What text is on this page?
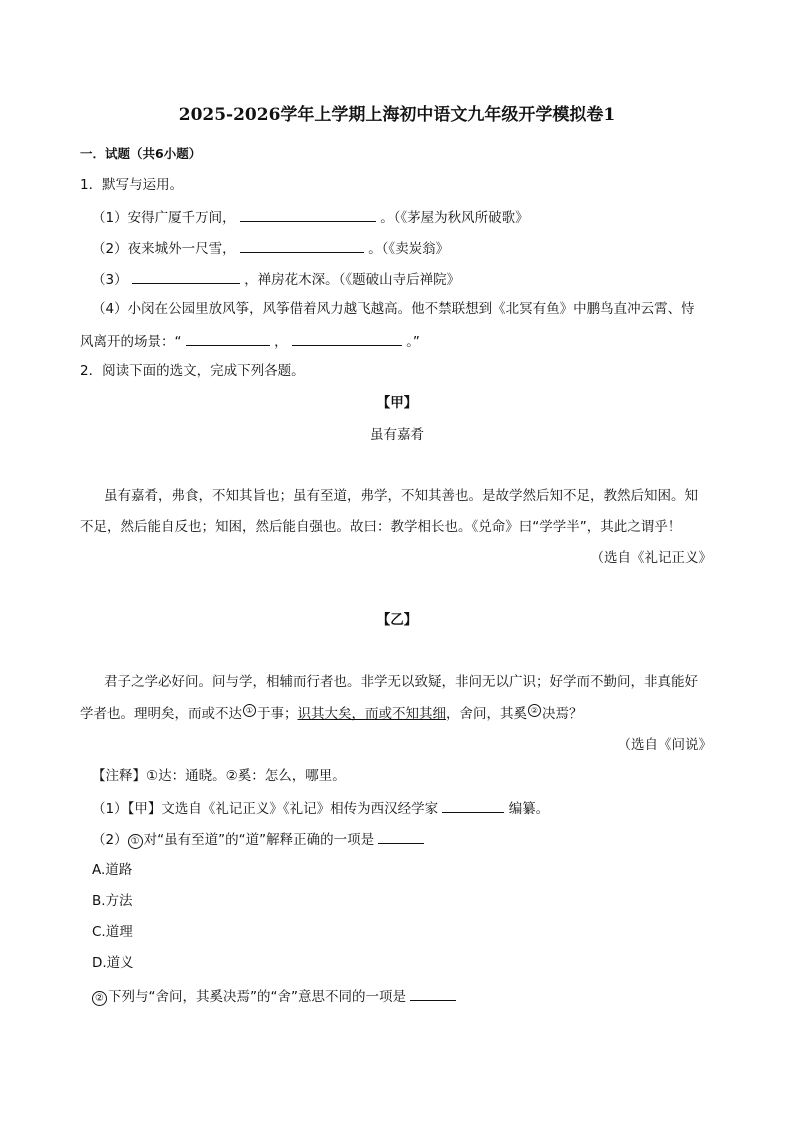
2025-2026学年上学期上海初中语文九年级开学模拟卷1
一．试题（共6小题）
1．默写与运用。
（1）安得广厦千万间，	。（《茅屋为秋风所破歌》
（2）夜来城外一尺雪，	。（《卖炭翁》
（3）	，禅房花木深。（《题破山寺后禅院》
（4）小闵在公园里放风筝，风筝借着风力越飞越高。他不禁联想到《北冥有鱼》中鹏鸟直冲云霄、恃
风离开的场景：“	，	。”
2．阅读下面的选文，完成下列各题。
【甲】
虽有嘉肴
虽有嘉肴，弗食，不知其旨也；虽有至道，弗学，不知其善也。是故学然后知不足，教然后知困。知
不足，然后能自反也；知困，然后能自强也。故曰：教学相长也。《兑命》曰“学学半”，其此之谓乎！
（选自《礼记正义》
【乙】
君子之学必好问。问与学，相辅而行者也。非学无以致疑，非问无以广识；好学而不勤问，非真能好
学者也。理明矣，而或不达 ① 于事；识其大矣，而或不知其细，舍问，其奚 ② 决焉？
（选自《问说》
【注释】①达：通晓。②奚：怎么，哪里。
（1）【甲】文选自《礼记正义》《礼记》相传为西汉经学家	编纂。
（2） ① 对“虽有至道”的“道”解释正确的一项是
A.道路
B.方法
C.道理
D.道义
② 下列与“舍问，其奚决焉”的“舍”意思不同的一项是
